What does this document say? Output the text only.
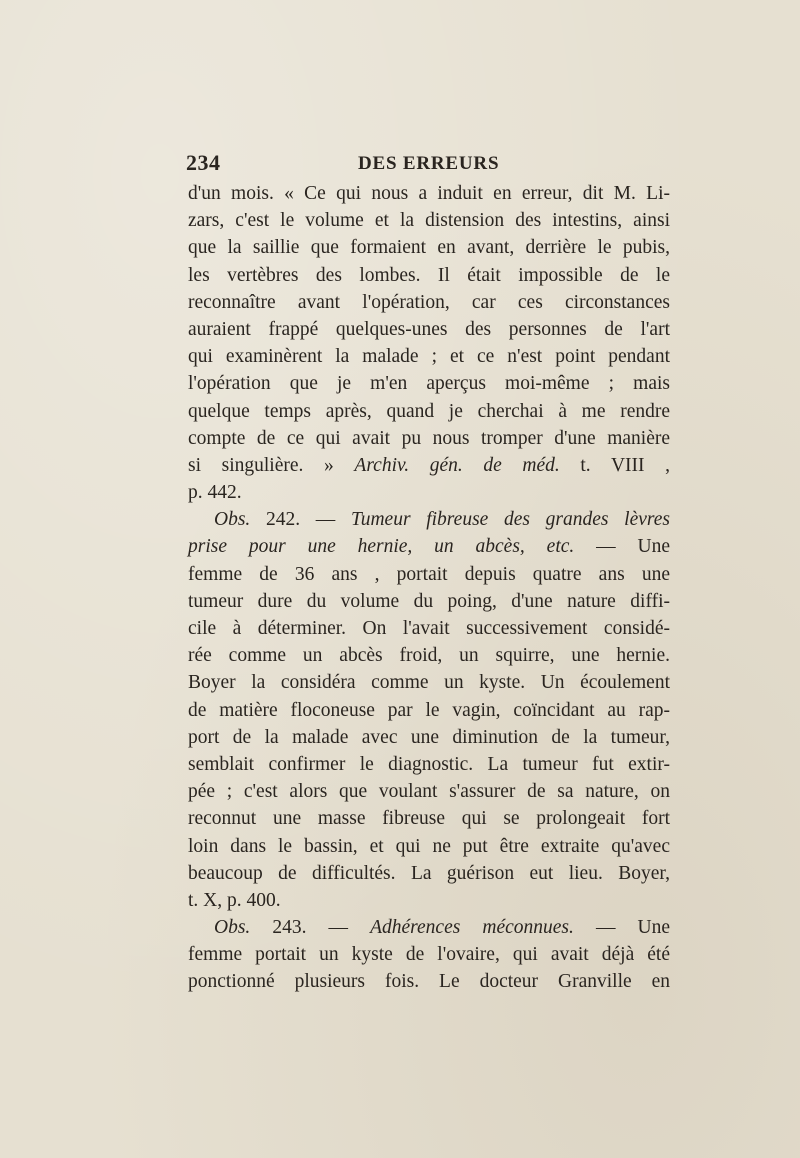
234	DES ERREURS
d'un mois. « Ce qui nous a induit en erreur, dit M. Li-
zars, c'est le volume et la distension des intestins, ainsi
que la saillie que formaient en avant, derrière le pubis,
les vertèbres des lombes. Il était impossible de le
reconnaître avant l'opération, car ces circonstances
auraient frappé quelques-unes des personnes de l'art
qui examinèrent la malade ; et ce n'est point pendant
l'opération que je m'en aperçus moi-même ; mais
quelque temps après, quand je cherchai à me rendre
compte de ce qui avait pu nous tromper d'une manière
si singulière. » Archiv. gén. de méd. t. VIII ,
p. 442.
Obs. 242. — Tumeur fibreuse des grandes lèvres
prise pour une hernie, un abcès, etc. — Une
femme de 36 ans , portait depuis quatre ans une
tumeur dure du volume du poing, d'une nature diffi-
cile à déterminer. On l'avait successivement considé-
rée comme un abcès froid, un squirre, une hernie.
Boyer la considéra comme un kyste. Un écoulement
de matière floconeuse par le vagin, coïncidant au rap-
port de la malade avec une diminution de la tumeur,
semblait confirmer le diagnostic. La tumeur fut extir-
pée ; c'est alors que voulant s'assurer de sa nature, on
reconnut une masse fibreuse qui se prolongeait fort
loin dans le bassin, et qui ne put être extraite qu'avec
beaucoup de difficultés. La guérison eut lieu. Boyer,
t. X, p. 400.
Obs. 243. — Adhérences méconnues. — Une
femme portait un kyste de l'ovaire, qui avait déjà été
ponctionné plusieurs fois. Le docteur Granville en
